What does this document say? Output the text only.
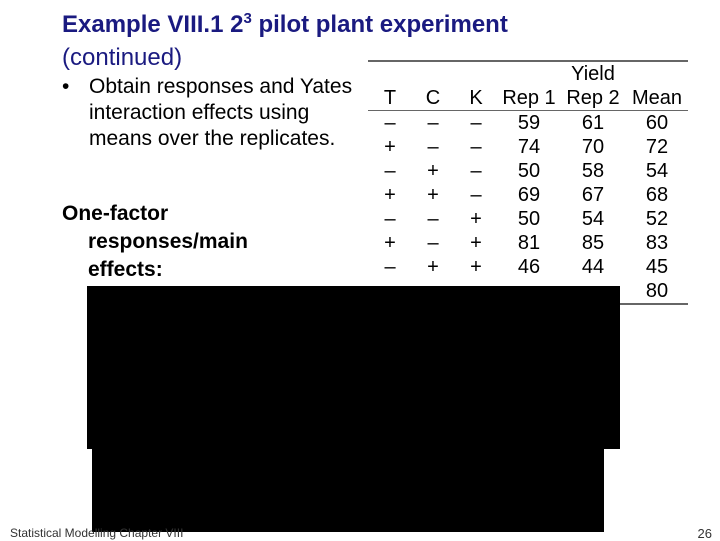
Example VIII.1 $2^3$ pilot plant experiment
(continued)
• Obtain responses and Yates interaction effects using means over the replicates.
One-factor
responses/main
effects:
			Yield		
T	C	K	Rep 1	Rep 2	Mean
–	–	–	59	61	60
+	–	–	74	70	72
–	+	–	50	58	54
+	+	–	69	67	68
–	–	+	50	54	52
+	–	+	81	85	83
–	+	+	46	44	45
					80
Statistical Modelling Chapter VIII	26
